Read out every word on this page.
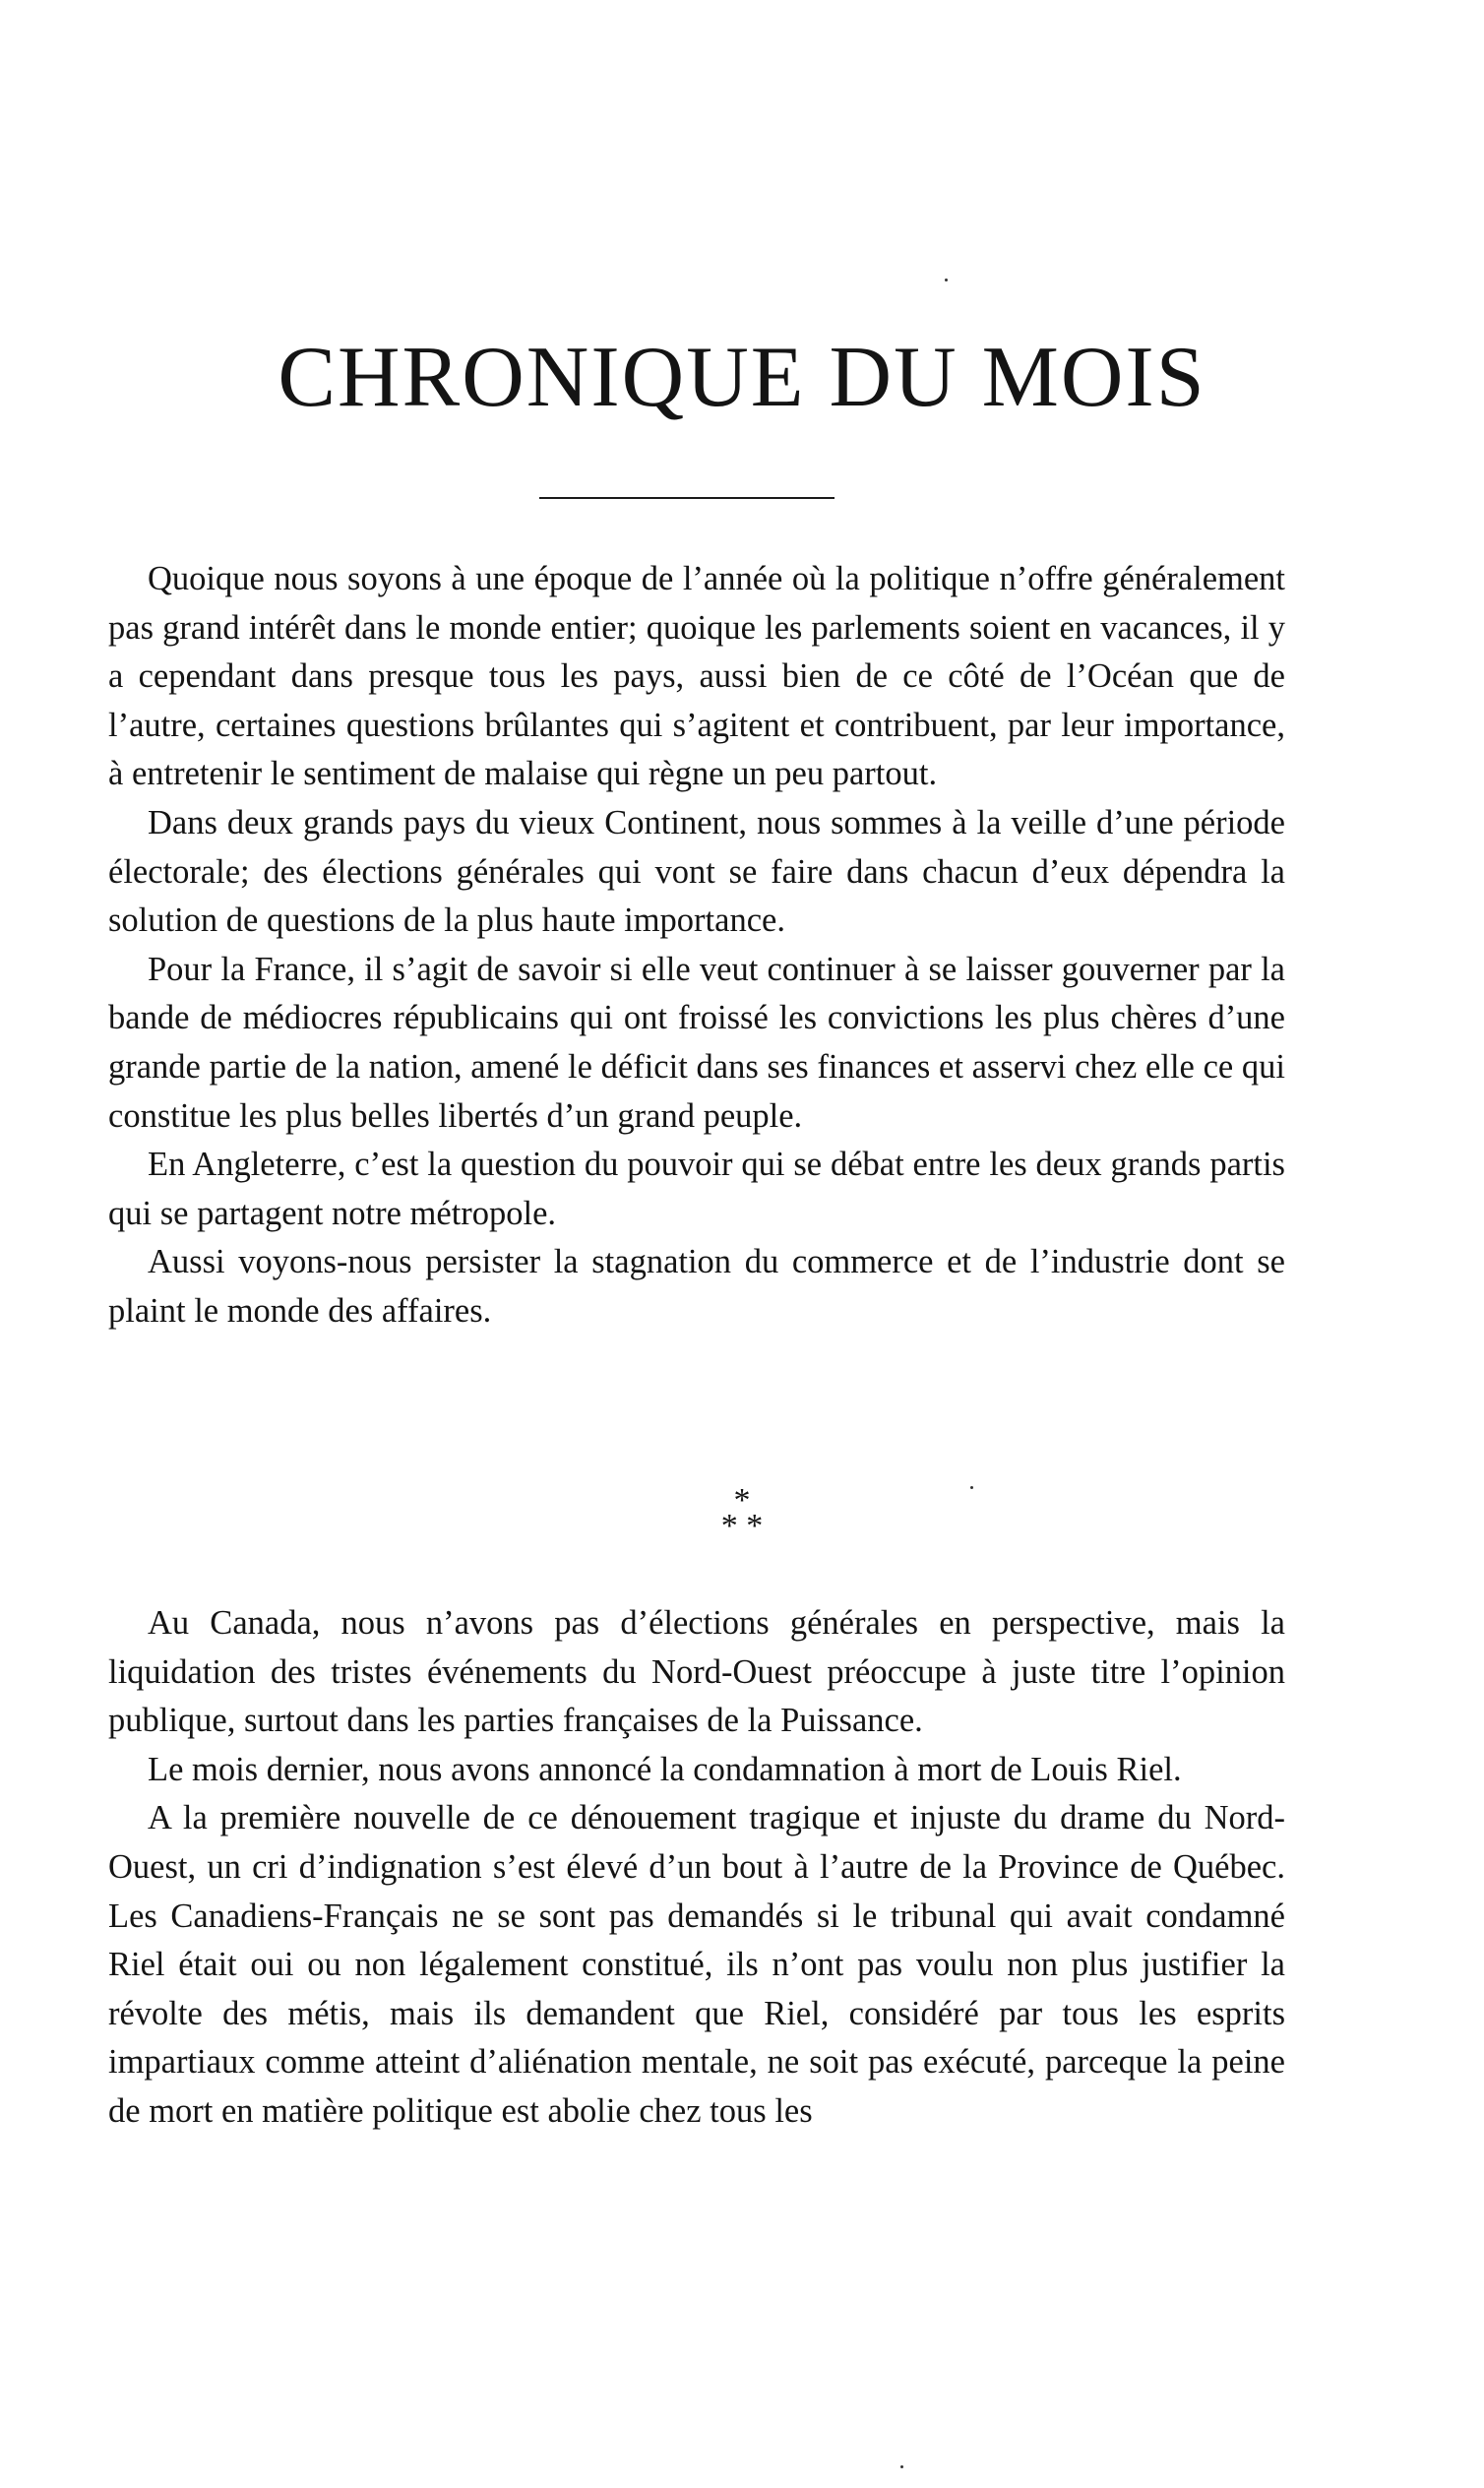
CHRONIQUE DU MOIS

Quoique nous soyons à une époque de l’année où la politique n’offre généralement pas grand intérêt dans le monde entier; quoique les parlements soient en vacances, il y a cependant dans presque tous les pays, aussi bien de ce côté de l’Océan que de l’autre, certaines questions brûlantes qui s’agitent et contribuent, par leur importance, à entretenir le sentiment de malaise qui règne un peu partout.

Dans deux grands pays du vieux Continent, nous sommes à la veille d’une période électorale; des élections générales qui vont se faire dans chacun d’eux dépendra la solution de questions de la plus haute importance.

Pour la France, il s’agit de savoir si elle veut continuer à se laisser gouverner par la bande de médiocres républicains qui ont froissé les convictions les plus chères d’une grande partie de la nation, amené le déficit dans ses finances et asservi chez elle ce qui constitue les plus belles libertés d’un grand peuple.

En Angleterre, c’est la question du pouvoir qui se débat entre les deux grands partis qui se partagent notre métropole.

Aussi voyons-nous persister la stagnation du commerce et de l’industrie dont se plaint le monde des affaires.

*
* *

Au Canada, nous n’avons pas d’élections générales en perspective, mais la liquidation des tristes événements du Nord-Ouest préoccupe à juste titre l’opinion publique, surtout dans les parties françaises de la Puissance.

Le mois dernier, nous avons annoncé la condamnation à mort de Louis Riel.

A la première nouvelle de ce dénouement tragique et injuste du drame du Nord-Ouest, un cri d’indignation s’est élevé d’un bout à l’autre de la Province de Québec. Les Canadiens-Français ne se sont pas demandés si le tribunal qui avait condamné Riel était oui ou non légalement constitué, ils n’ont pas voulu non plus justifier la révolte des métis, mais ils demandent que Riel, considéré par tous les esprits impartiaux comme atteint d’aliénation mentale, ne soit pas exécuté, parceque la peine de mort en matière politique est abolie chez tous les
